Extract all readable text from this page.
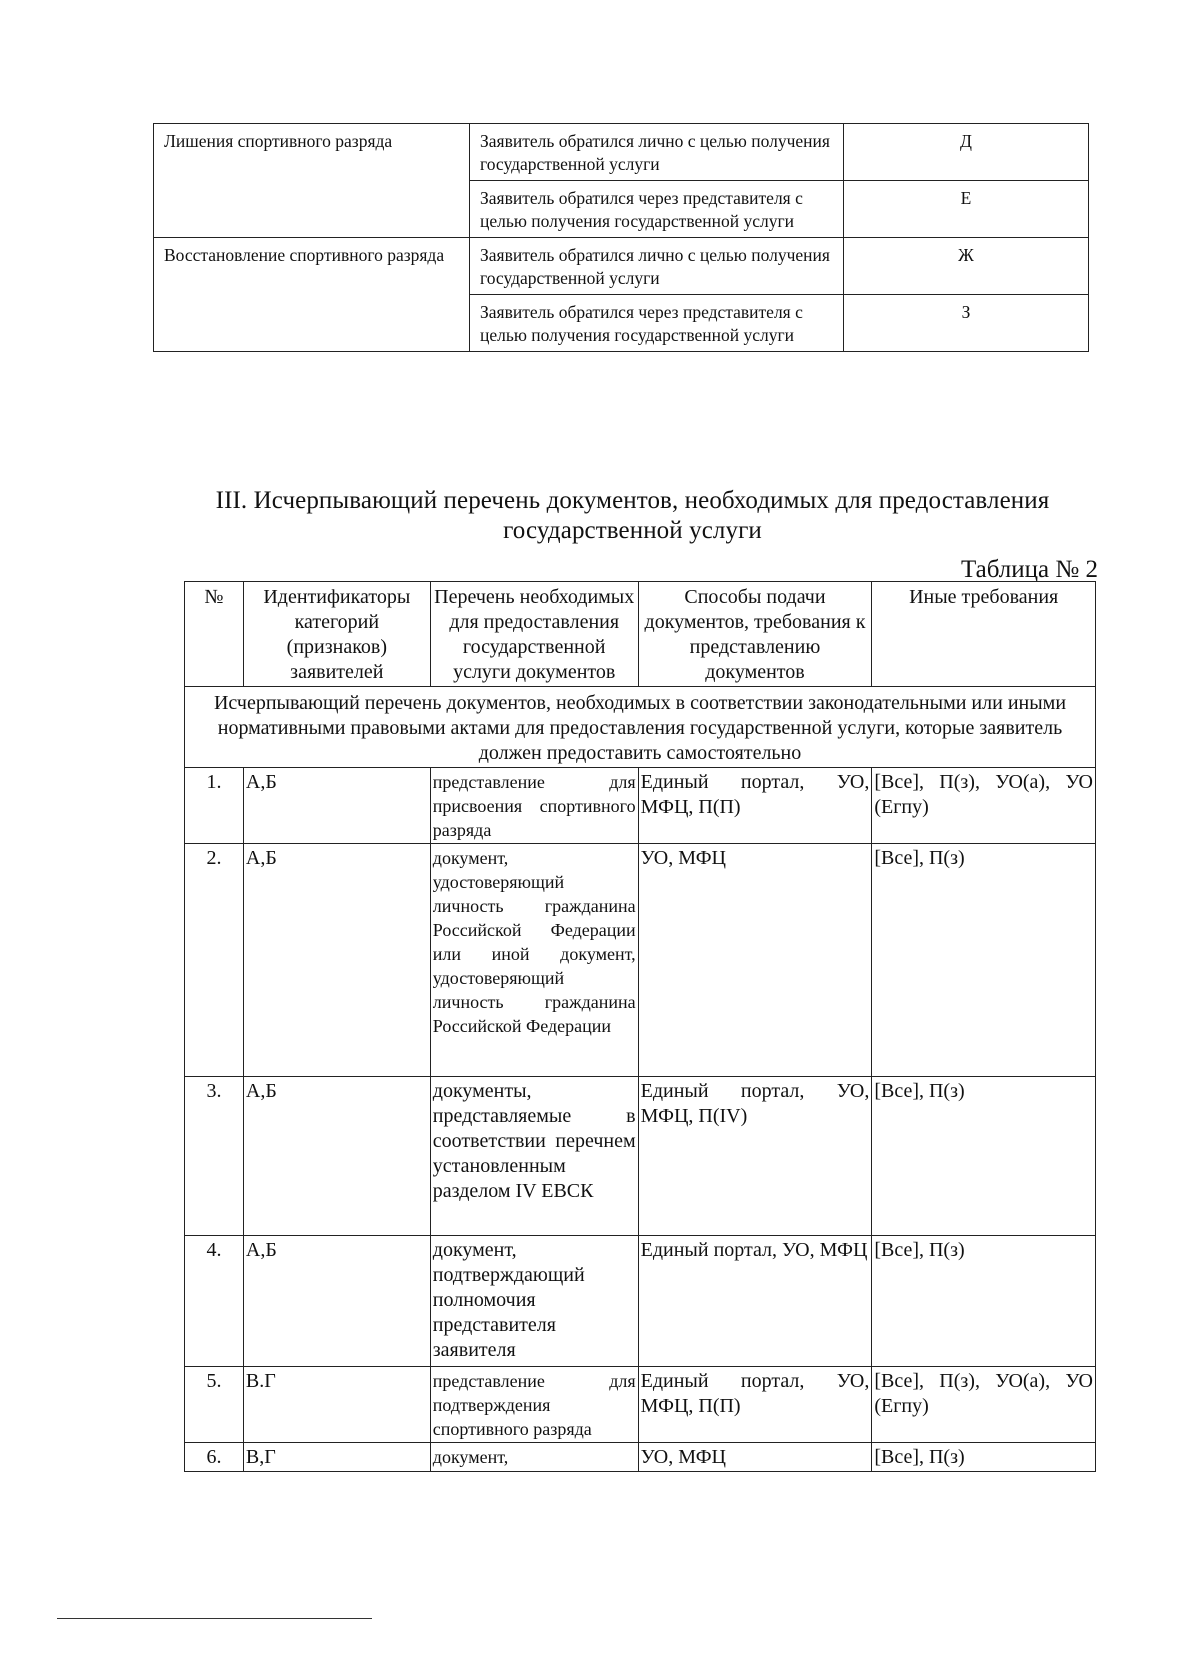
Лишения спортивного разряда	Заявитель обратился лично с целью получения государственной услуги	Д
	Заявитель обратился через представителя с целью получения государственной услуги	Е
Восстановление спортивного разряда	Заявитель обратился лично с целью получения государственной услуги	Ж
	Заявитель обратился через представителя с целью получения государственной услуги	З
III. Исчерпывающий перечень документов, необходимых для предоставления
государственной услуги
Таблица № 2
№	Идентификаторы категорий (признаков) заявителей	Перечень необходимых для предоставления государственной услуги документов	Способы подачи документов, требования к представлению документов	Иные требования
Исчерпывающий перечень документов, необходимых в соответствии законодательными или иными нормативными правовыми актами для предоставления государственной услуги, которые заявитель должен предоставить самостоятельно				
1.	А,Б	представление для присвоения спортивного разряда	Единый портал, УО, МФЦ, П(П)	[Все], П(з), УО(а), УО (Егпу)
2.	А,Б	документ, удостоверяющий личность гражданина Российской Федерации или иной документ, удостоверяющий личность гражданина Российской Федерации	УО, МФЦ	[Все], П(з)
3.	А,Б	документы, представляемые в соответствии перечнем установленным разделом IV ЕВСК	Единый портал, УО, МФЦ, П(IV)	[Все], П(з)
4.	А,Б	документ, подтверждающий полномочия представителя заявителя	Единый портал, УО, МФЦ	[Все], П(з)
5.	В.Г	представление для подтверждения спортивного разряда	Единый портал, УО, МФЦ, П(П)	[Все], П(з), УО(а), УО (Егпу)
6.	В,Г	документ,	УО, МФЦ	[Все], П(з)
